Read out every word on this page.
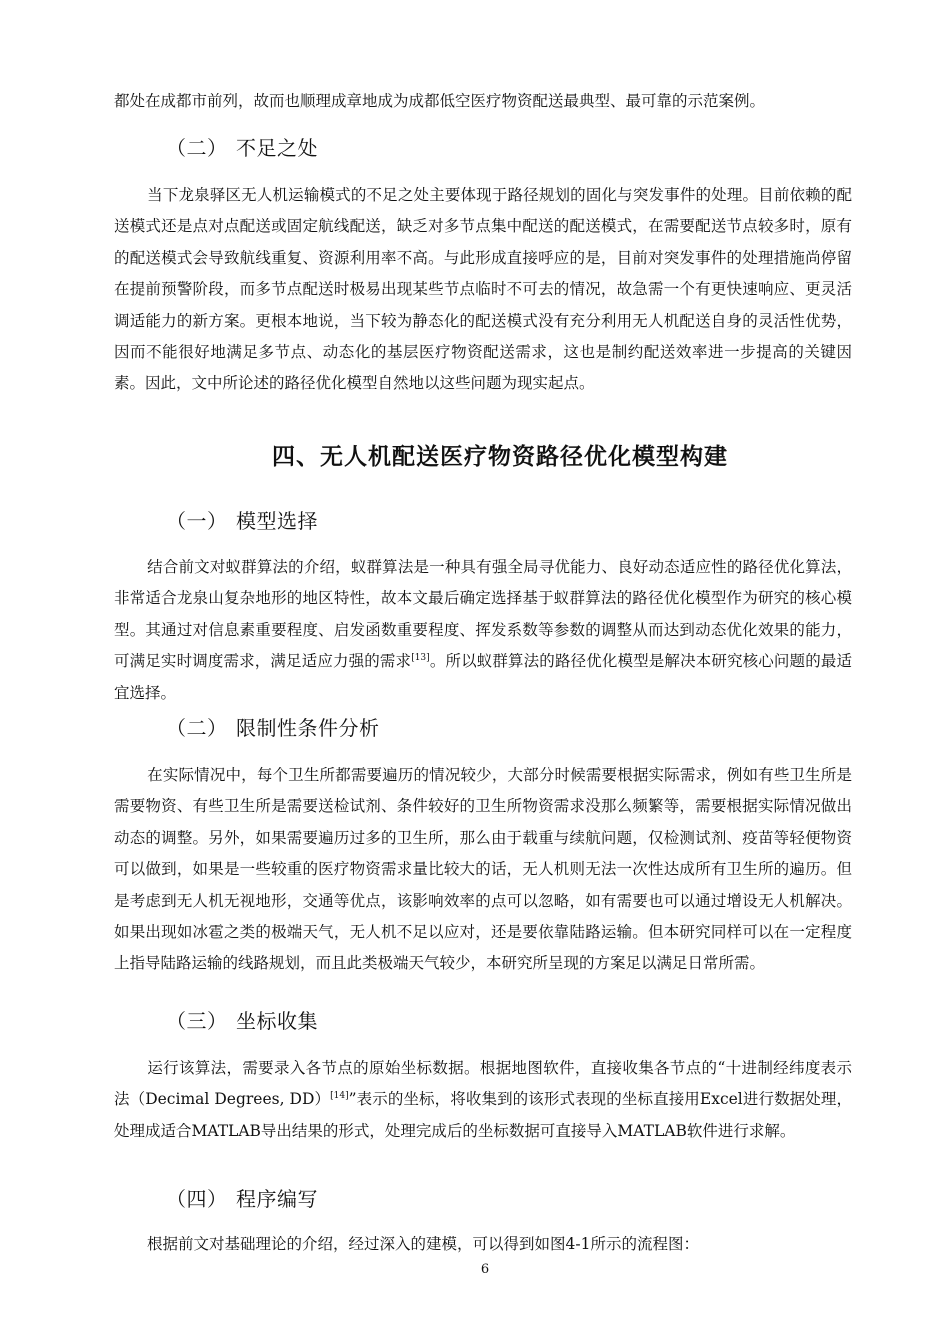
都处在成都市前列，故而也顺理成章地成为成都低空医疗物资配送最典型、最可靠的示范案例。

（二） 不足之处

当下龙泉驿区无人机运输模式的不足之处主要体现于路径规划的固化与突发事件的处理。目前依赖的配送模式还是点对点配送或固定航线配送，缺乏对多节点集中配送的配送模式，在需要配送节点较多时，原有的配送模式会导致航线重复、资源利用率不高。与此形成直接呼应的是，目前对突发事件的处理措施尚停留在提前预警阶段，而多节点配送时极易出现某些节点临时不可去的情况，故急需一个有更快速响应、更灵活调适能力的新方案。更根本地说，当下较为静态化的配送模式没有充分利用无人机配送自身的灵活性优势，因而不能很好地满足多节点、动态化的基层医疗物资配送需求，这也是制约配送效率进一步提高的关键因素。因此，文中所论述的路径优化模型自然地以这些问题为现实起点。

四、无人机配送医疗物资路径优化模型构建
（一） 模型选择

结合前文对蚁群算法的介绍，蚁群算法是一种具有强全局寻优能力、良好动态适应性的路径优化算法，非常适合龙泉山复杂地形的地区特性，故本文最后确定选择基于蚁群算法的路径优化模型作为研究的核心模型。其通过对信息素重要程度、启发函数重要程度、挥发系数等参数的调整从而达到动态优化效果的能力，可满足实时调度需求，满足适应力强的需求[13]。所以蚁群算法的路径优化模型是解决本研究核心问题的最适宜选择。

（二） 限制性条件分析

在实际情况中，每个卫生所都需要遍历的情况较少，大部分时候需要根据实际需求，例如有些卫生所是需要物资、有些卫生所是需要送检试剂、条件较好的卫生所物资需求没那么频繁等，需要根据实际情况做出动态的调整。另外，如果需要遍历过多的卫生所，那么由于载重与续航问题，仅检测试剂、疫苗等轻便物资可以做到，如果是一些较重的医疗物资需求量比较大的话，无人机则无法一次性达成所有卫生所的遍历。但是考虑到无人机无视地形，交通等优点，该影响效率的点可以忽略，如有需要也可以通过增设无人机解决。如果出现如冰雹之类的极端天气，无人机不足以应对，还是要依靠陆路运输。但本研究同样可以在一定程度上指导陆路运输的线路规划，而且此类极端天气较少，本研究所呈现的方案足以满足日常所需。

（三） 坐标收集

运行该算法，需要录入各节点的原始坐标数据。根据地图软件，直接收集各节点的“十进制经纬度表示法（Decimal Degrees, DD）[14]”表示的坐标，将收集到的该形式表现的坐标直接用Excel进行数据处理，处理成适合MATLAB导出结果的形式，处理完成后的坐标数据可直接导入MATLAB软件进行求解。

（四） 程序编写

根据前文对基础理论的介绍，经过深入的建模，可以得到如图4-1所示的流程图：

6
